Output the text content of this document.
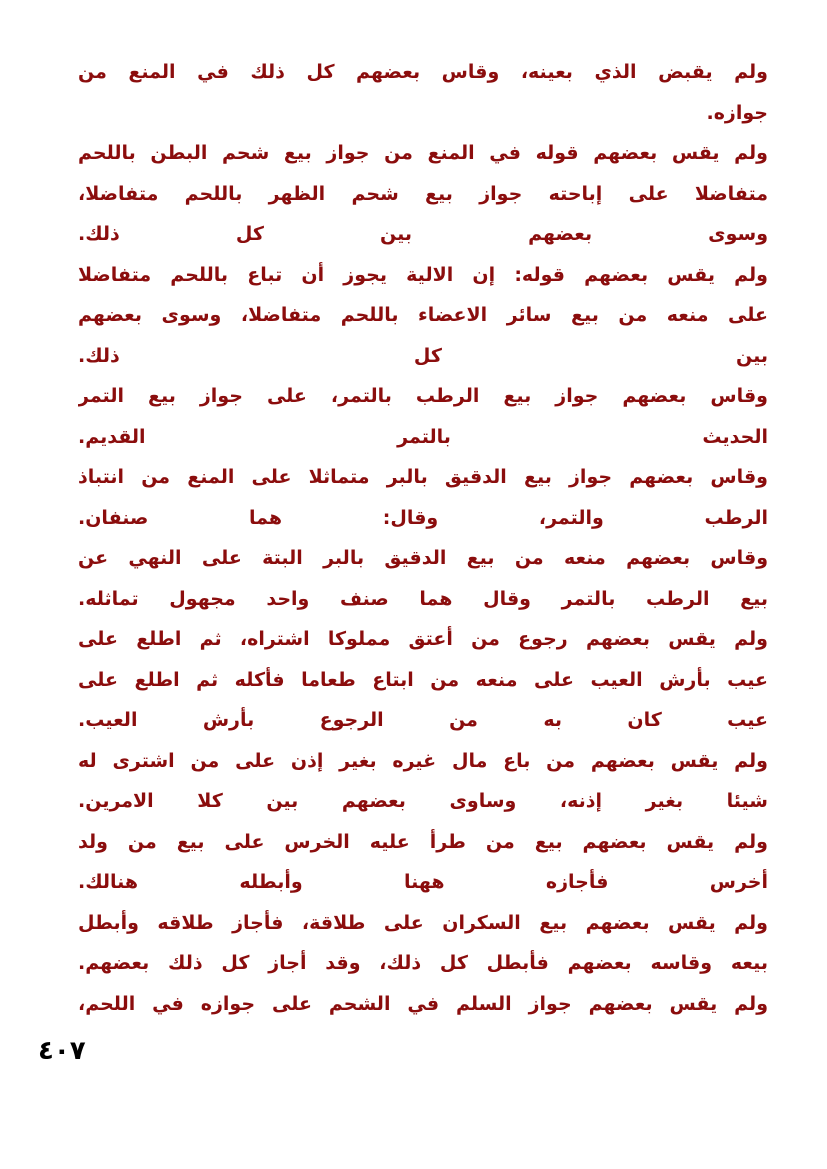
ولم يقبض الذي بعينه، وقاس بعضهم كل ذلك في المنع من
جوازه.
ولم يقس بعضهم قوله في المنع من جواز بيع شحم البطن باللحم
متفاضلا على إباحته جواز بيع شحم الظهر باللحم متفاضلا،
وسوى بعضهم بين كل ذلك.
ولم يقس بعضهم قوله: إن الالية يجوز أن تباع باللحم متفاضلا
على منعه من بيع سائر الاعضاء باللحم متفاضلا، وسوى بعضهم
بين كل ذلك.
وقاس بعضهم جواز بيع الرطب بالتمر، على جواز بيع التمر
الحديث بالتمر القديم.
وقاس بعضهم جواز بيع الدقيق بالبر متماثلا على المنع من انتباذ
الرطب والتمر، وقال: هما صنفان.
وقاس بعضهم منعه من بيع الدقيق بالبر البتة على النهي عن
بيع الرطب بالتمر وقال هما صنف واحد مجهول تماثله.
ولم يقس بعضهم رجوع من أعتق مملوكا اشتراه، ثم اطلع على
عيب بأرش العيب على منعه من ابتاع طعاما فأكله ثم اطلع على
عيب كان به من الرجوع بأرش العيب.
ولم يقس بعضهم من باع مال غيره بغير إذن على من اشترى له
شيئا بغير إذنه، وساوى بعضهم بين كلا الامرين.
ولم يقس بعضهم بيع من طرأ عليه الخرس على بيع من ولد
أخرس فأجازه ههنا وأبطله هنالك.
ولم يقس بعضهم بيع السكران على طلاقة، فأجاز طلاقه وأبطل
بيعه وقاسه بعضهم فأبطل كل ذلك، وقد أجاز كل ذلك بعضهم.
ولم يقس بعضهم جواز السلم في الشحم على جوازه في اللحم،
٤٠٧
